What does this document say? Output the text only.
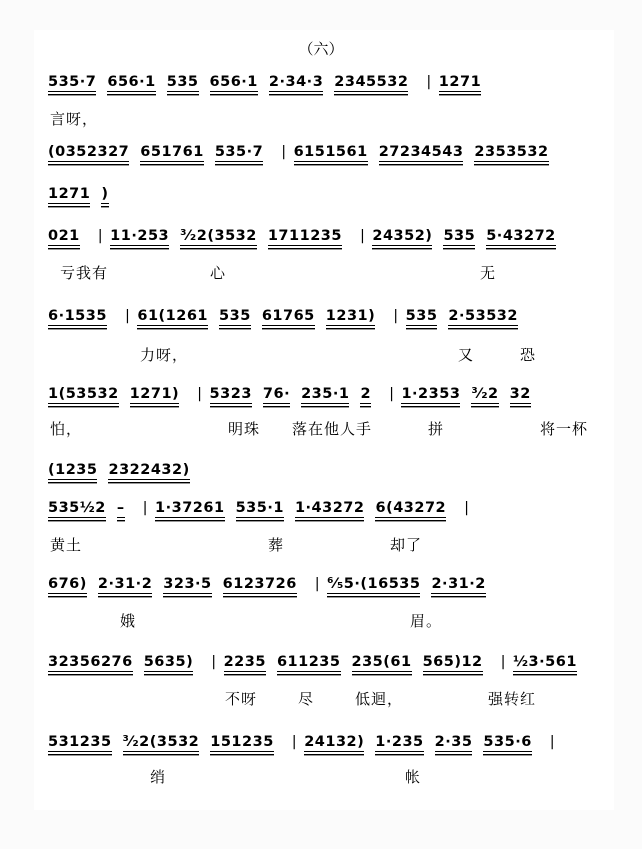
（六）
535·7 656·1 535 656·1 2·34·3 2345532 | 1271
言呀，
(0352327 651761 535·7 | 6151561 27234543 2353532
1271 )
021 | 11·253 ³⁄₂2(3532 1711235 | 24352) 535 5·43272
亏我有	心	无
6·1535 | 61(1261 535 61765 1231) | 535 2·53532
力呀，	又	恐
1(53532 1271) | 5323 76· 235·1 2 | 1·2353 ³⁄₂2 32
怕，	明珠 落在他人手	拼	将一杯
(1235 2322432)
535½2 – | 1·37261 535·1 1·43272 6(43272 |
黄土	葬	却了
676) 2·31·2 323·5 6123726 | ⁶⁄₅5·(16535 2·31·2
娥	眉。
32356276 5635) | 2235 611235 235(61 565)12 | ½3·561
不呀	尽	低迴，	强转红
531235 ³⁄₂2(3532 151235 | 24132) 1·235 2·35 535·6 |
绡	帐
